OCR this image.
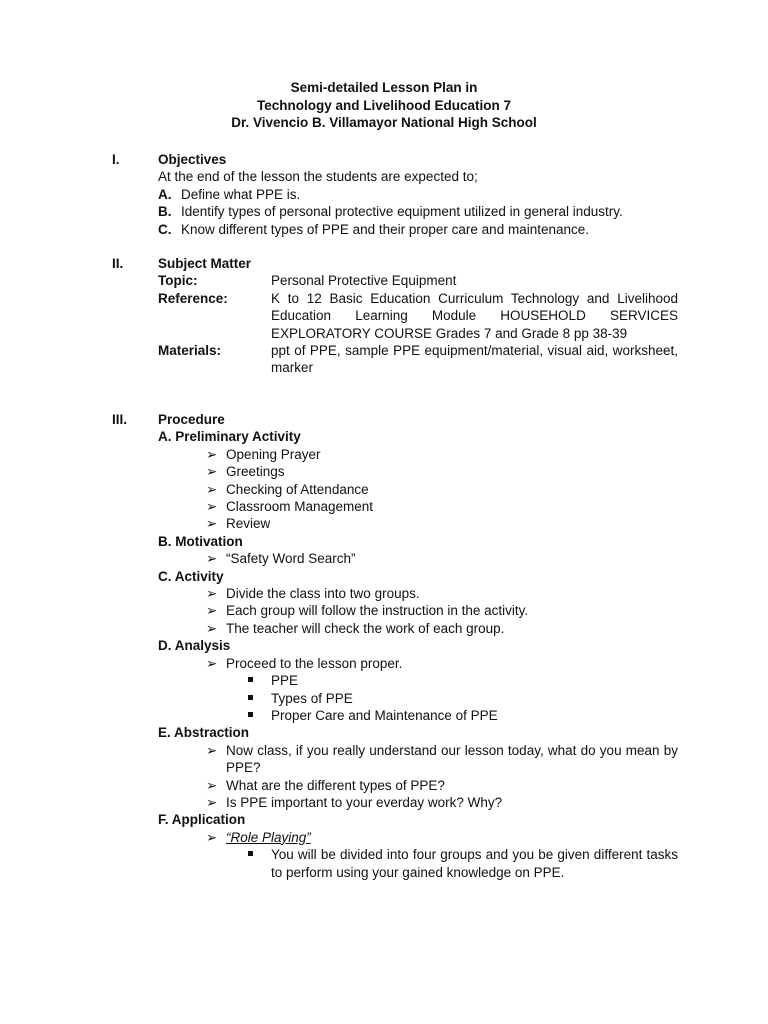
Semi-detailed Lesson Plan in
Technology and Livelihood Education 7
Dr. Vivencio B. Villamayor National High School
I.	Objectives
At the end of the lesson the students are expected to;
A. Define what PPE is.
B. Identify types of personal protective equipment utilized in general industry.
C. Know different types of PPE and their proper care and maintenance.
II.	Subject Matter
Topic:	Personal Protective Equipment
Reference:	K to 12 Basic Education Curriculum Technology and Livelihood Education Learning Module HOUSEHOLD SERVICES EXPLORATORY COURSE Grades 7 and Grade 8 pp 38-39
Materials:	ppt of PPE, sample PPE equipment/material, visual aid, worksheet, marker
III. Procedure
A. Preliminary Activity
➢ Opening Prayer
➢ Greetings
➢ Checking of Attendance
➢ Classroom Management
➢ Review
B. Motivation
➢ “Safety Word Search”
C. Activity
➢ Divide the class into two groups.
➢ Each group will follow the instruction in the activity.
➢ The teacher will check the work of each group.
D. Analysis
➢ Proceed to the lesson proper.
PPE
Types of PPE
Proper Care and Maintenance of PPE
E. Abstraction
➢ Now class, if you really understand our lesson today, what do you mean by PPE?
➢ What are the different types of PPE?
➢ Is PPE important to your everday work? Why?
F. Application
➢ “Role Playing”
You will be divided into four groups and you be given different tasks to perform using your gained knowledge on PPE.
